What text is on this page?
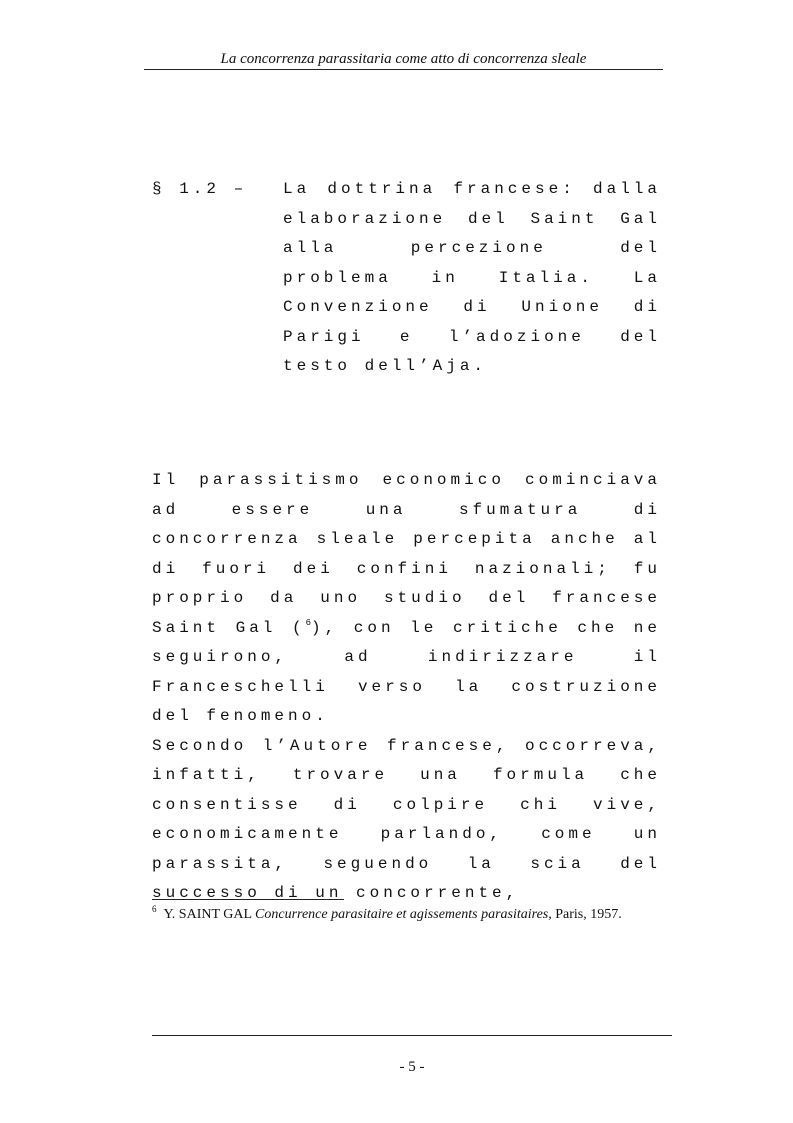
La concorrenza parassitaria come atto di concorrenza sleale
§ 1.2 – La dottrina francese: dalla elaborazione del Saint Gal alla percezione del problema in Italia. La Convenzione di Unione di Parigi e l’adozione del testo dell’Aja.

Il parassitismo economico cominciava ad essere una sfumatura di concorrenza sleale percepita anche al di fuori dei confini nazionali; fu proprio da uno studio del francese Saint Gal ($^6$), con le critiche che ne seguirono, ad indirizzare il Franceschelli verso la costruzione del fenomeno.

Secondo l’Autore francese, occorreva, infatti, trovare una formula che consentisse di colpire chi vive, economicamente parlando, come un parassita, seguendo la scia del successo di un concorrente,

$^6$ Y. SAINT GAL Concurrence parasitaire et agissements parasitaires, Paris, 1957.
- 5 -
